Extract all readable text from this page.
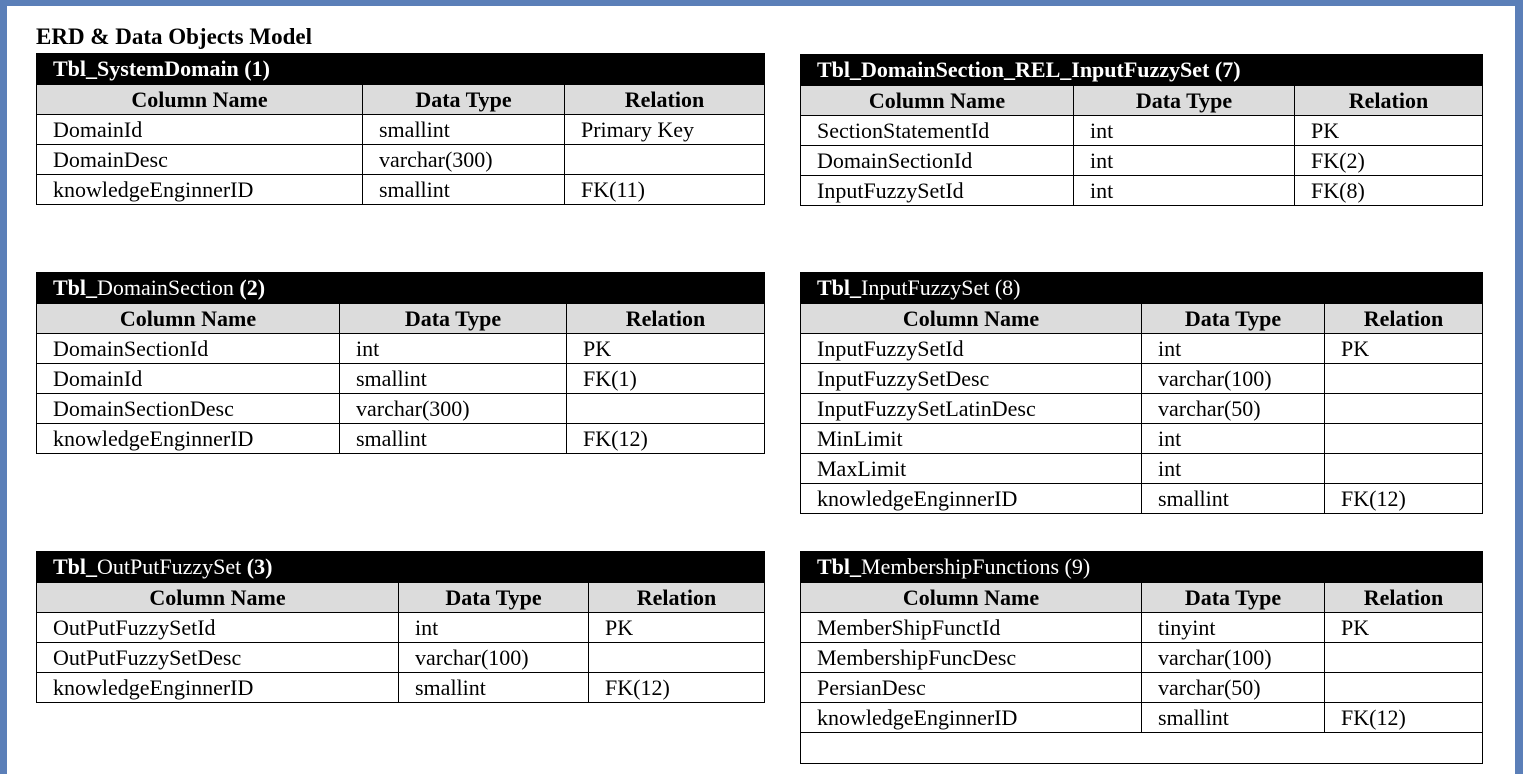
ERD & Data Objects Model
Tbl_SystemDomain (1)		
Column Name	Data Type	Relation
DomainId	smallint	Primary Key
DomainDesc	varchar(300)	
knowledgeEnginnerID	smallint	FK(11)
Tbl_DomainSection (2)		
Column Name	Data Type	Relation
DomainSectionId	int	PK
DomainId	smallint	FK(1)
DomainSectionDesc	varchar(300)	
knowledgeEnginnerID	smallint	FK(12)
Tbl_OutPutFuzzySet (3)		
Column Name	Data Type	Relation
OutPutFuzzySetId	int	PK
OutPutFuzzySetDesc	varchar(100)	
knowledgeEnginnerID	smallint	FK(12)
Tbl_DomainSection_REL_InputFuzzySet (7)		
Column Name	Data Type	Relation
SectionStatementId	int	PK
DomainSectionId	int	FK(2)
InputFuzzySetId	int	FK(8)
Tbl_InputFuzzySet (8)		
Column Name	Data Type	Relation
InputFuzzySetId	int	PK
InputFuzzySetDesc	varchar(100)	
InputFuzzySetLatinDesc	varchar(50)	
MinLimit	int	
MaxLimit	int	
knowledgeEnginnerID	smallint	FK(12)
Tbl_MembershipFunctions (9)		
Column Name	Data Type	Relation
MemberShipFunctId	tinyint	PK
MembershipFuncDesc	varchar(100)	
PersianDesc	varchar(50)	
knowledgeEnginnerID	smallint	FK(12)
